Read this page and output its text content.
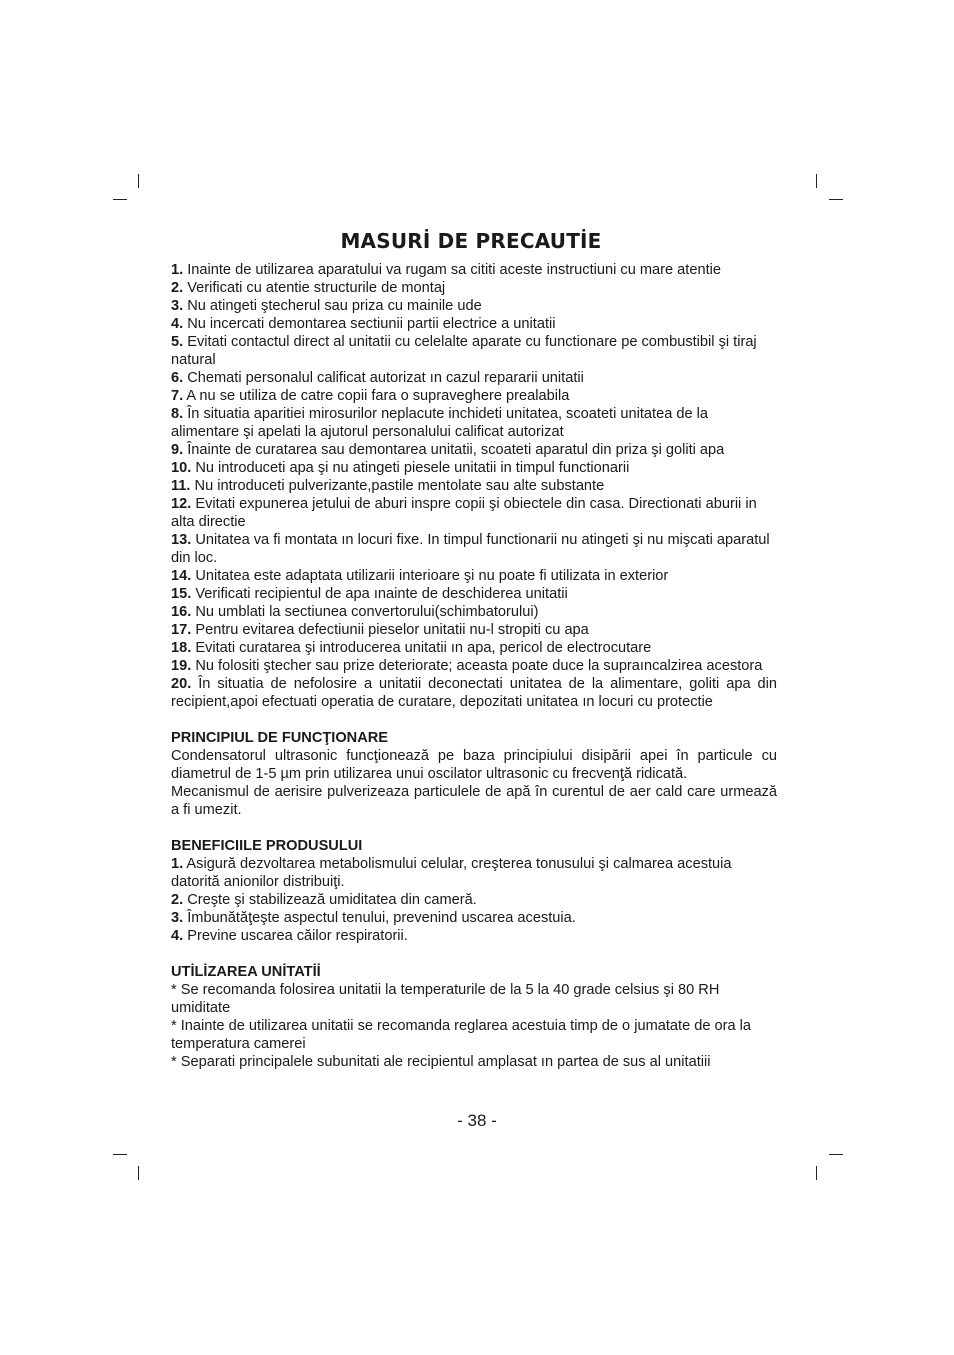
MASURİ DE PRECAUTİE

1. Inainte de utilizarea aparatului va rugam sa cititi aceste instructiuni cu mare atentie

2. Verificati cu atentie structurile de montaj

3. Nu atingeti ştecherul sau priza cu mainile ude

4. Nu incercati demontarea sectiunii partii electrice a unitatii

5. Evitati contactul direct al unitatii cu celelalte aparate cu functionare pe combustibil şi tiraj natural

6. Chemati personalul calificat autorizat ın cazul repararii unitatii

7. A nu se utiliza de catre copii fara o supraveghere prealabila

8. În situatia aparitiei mirosurilor neplacute inchideti unitatea, scoateti unitatea de la alimentare şi apelati la ajutorul personalului calificat autorizat

9. Înainte de curatarea sau demontarea unitatii, scoateti aparatul din priza şi goliti apa

10. Nu introduceti apa şi nu atingeti piesele unitatii in timpul functionarii

11. Nu introduceti pulverizante,pastile mentolate sau alte substante

12. Evitati expunerea jetului de aburi inspre copii şi obiectele din casa. Directionati aburii in alta directie

13. Unitatea va fi montata ın locuri fixe. In timpul functionarii nu atingeti şi nu mişcati aparatul din loc.

14. Unitatea este adaptata utilizarii interioare şi nu poate fi utilizata in exterior

15. Verificati recipientul de apa ınainte de deschiderea unitatii

16. Nu umblati la sectiunea convertorului(schimbatorului)

17. Pentru evitarea defectiunii pieselor unitatii nu-l stropiti cu apa

18. Evitati curatarea şi introducerea unitatii ın apa, pericol de electrocutare

19. Nu folositi ştecher sau prize deteriorate; aceasta poate duce la supraıncalzirea acestora

20. În situatia de nefolosire a unitatii deconectati unitatea de la alimentare, goliti apa din recipient,apoi efectuati operatia de curatare, depozitati unitatea ın locuri cu protectie

PRINCIPIUL DE FUNCŢIONARE

Condensatorul ultrasonic funcţionează pe baza principiului disipării apei în particule cu diametrul de 1-5 µm prin utilizarea unui oscilator ultrasonic cu frecvenţă ridicată.

Mecanismul de aerisire pulverizeaza particulele de apă în curentul de aer cald care urmează a fi umezit.

BENEFICIILE PRODUSULUI

1. Asigură dezvoltarea metabolismului celular, creşterea tonusului şi calmarea acestuia datorită anionilor distribuiţi.

2. Creşte şi stabilizează umiditatea din cameră.

3. Îmbunătăţeşte aspectul tenului, prevenind uscarea acestuia.

4. Previne uscarea căilor respiratorii.

UTİLİZAREA UNİTATİİ

* Se recomanda folosirea unitatii la temperaturile de la 5 la 40 grade celsius şi 80 RH umiditate

* Inainte de utilizarea unitatii se recomanda reglarea acestuia timp de o jumatate de ora la temperatura camerei

* Separati principalele subunitati ale recipientul amplasat ın partea de sus al unitatiii

- 38 -
